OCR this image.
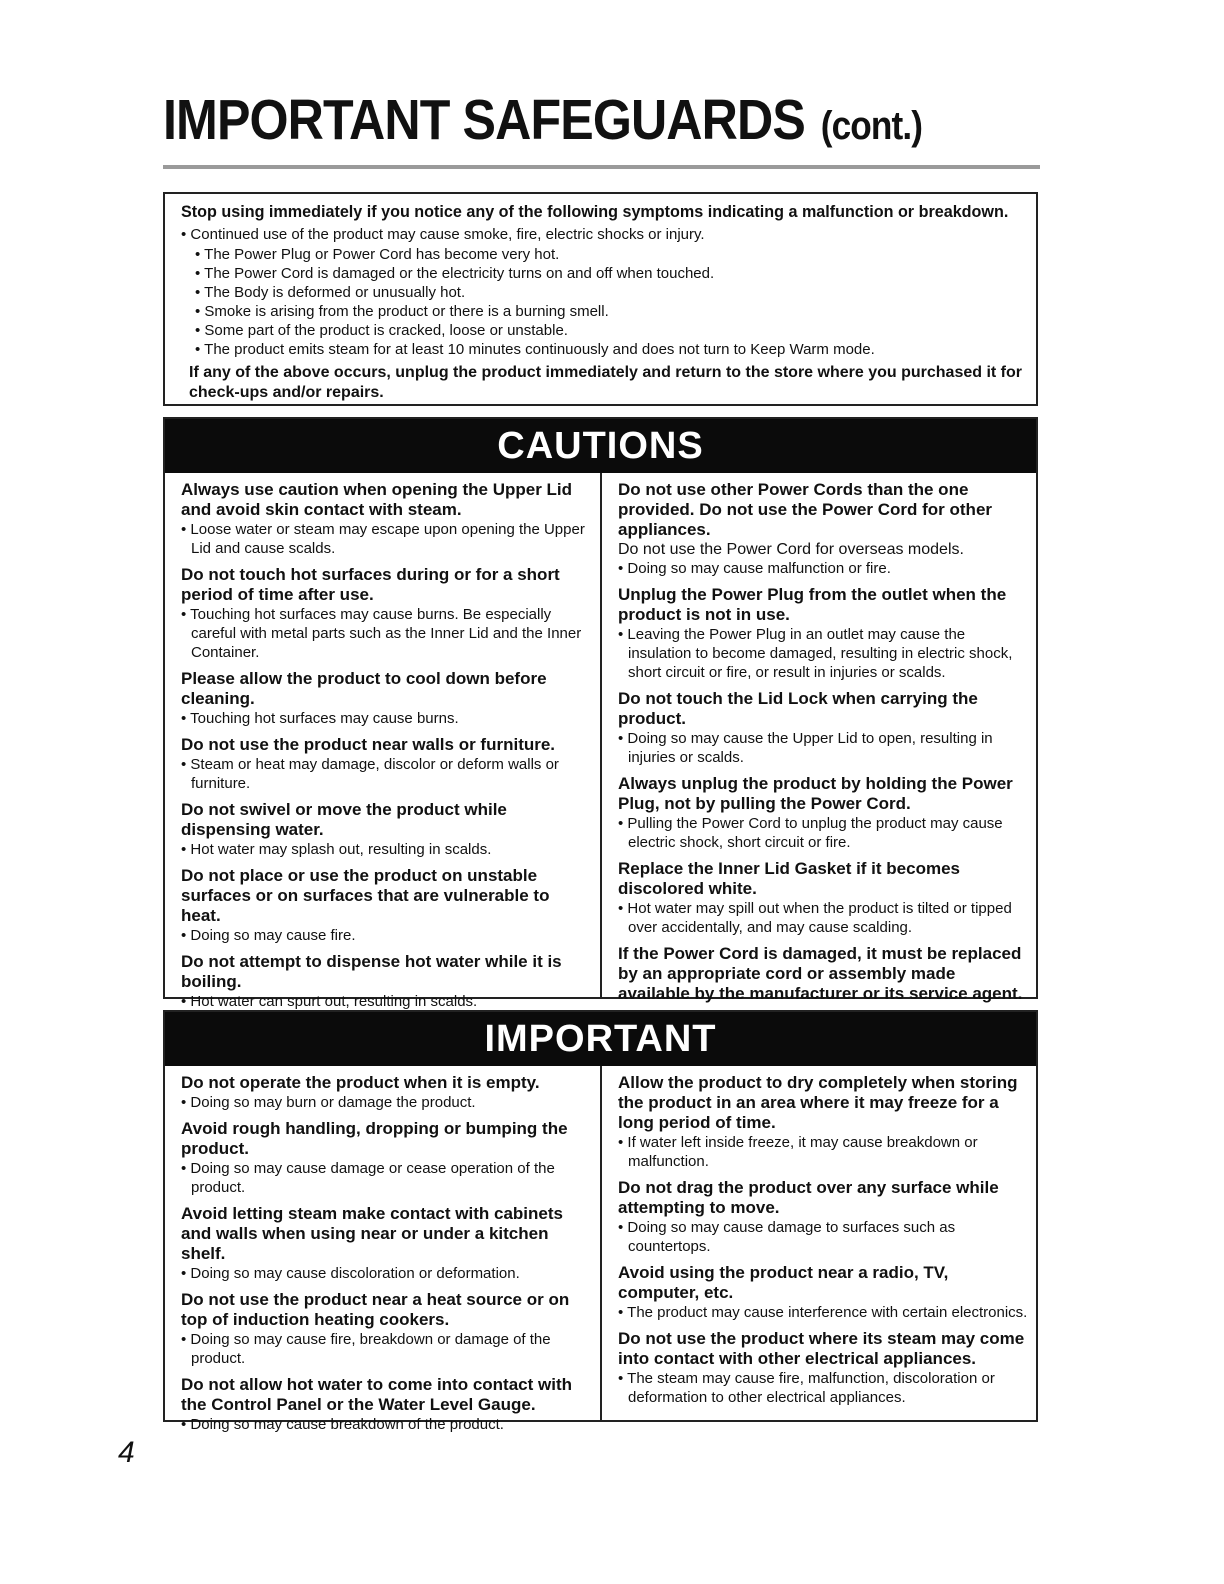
IMPORTANT SAFEGUARDS (cont.)
Stop using immediately if you notice any of the following symptoms indicating a malfunction or breakdown.
• Continued use of the product may cause smoke, fire, electric shocks or injury.
• The Power Plug or Power Cord has become very hot.
• The Power Cord is damaged or the electricity turns on and off when touched.
• The Body is deformed or unusually hot.
• Smoke is arising from the product or there is a burning smell.
• Some part of the product is cracked, loose or unstable.
• The product emits steam for at least 10 minutes continuously and does not turn to Keep Warm mode.
If any of the above occurs, unplug the product immediately and return to the store where you purchased it for check-ups and/or repairs.
CAUTIONS
Always use caution when opening the Upper Lid and avoid skin contact with steam.

• Loose water or steam may escape upon opening the Upper Lid and cause scalds.

Do not touch hot surfaces during or for a short period of time after use.

• Touching hot surfaces may cause burns. Be especially careful with metal parts such as the Inner Lid and the Inner Container.

Please allow the product to cool down before cleaning.

• Touching hot surfaces may cause burns.

Do not use the product near walls or furniture.

• Steam or heat may damage, discolor or deform walls or furniture.

Do not swivel or move the product while dispensing water.

• Hot water may splash out, resulting in scalds.

Do not place or use the product on unstable surfaces or on surfaces that are vulnerable to heat.

• Doing so may cause fire.

Do not attempt to dispense hot water while it is boiling.

• Hot water can spurt out, resulting in scalds.

Do not use other Power Cords than the one provided. Do not use the Power Cord for other appliances.

Do not use the Power Cord for overseas models.

• Doing so may cause malfunction or fire.

Unplug the Power Plug from the outlet when the product is not in use.

• Leaving the Power Plug in an outlet may cause the insulation to become damaged, resulting in electric shock, short circuit or fire, or result in injuries or scalds.

Do not touch the Lid Lock when carrying the product.

• Doing so may cause the Upper Lid to open, resulting in injuries or scalds.

Always unplug the product by holding the Power Plug, not by pulling the Power Cord.

• Pulling the Power Cord to unplug the product may cause electric shock, short circuit or fire.

Replace the Inner Lid Gasket if it becomes discolored white.

• Hot water may spill out when the product is tilted or tipped over accidentally, and may cause scalding.

If the Power Cord is damaged, it must be replaced by an appropriate cord or assembly made available by the manufacturer or its service agent.
IMPORTANT
Do not operate the product when it is empty.

• Doing so may burn or damage the product.

Avoid rough handling, dropping or bumping the product.

• Doing so may cause damage or cease operation of the product.

Avoid letting steam make contact with cabinets and walls when using near or under a kitchen shelf.

• Doing so may cause discoloration or deformation.

Do not use the product near a heat source or on top of induction heating cookers.

• Doing so may cause fire, breakdown or damage of the product.

Do not allow hot water to come into contact with the Control Panel or the Water Level Gauge.

• Doing so may cause breakdown of the product.

Allow the product to dry completely when storing the product in an area where it may freeze for a long period of time.

• If water left inside freeze, it may cause breakdown or malfunction.

Do not drag the product over any surface while attempting to move.

• Doing so may cause damage to surfaces such as countertops.

Avoid using the product near a radio, TV, computer, etc.

• The product may cause interference with certain electronics.

Do not use the product where its steam may come into contact with other electrical appliances.

• The steam may cause fire, malfunction, discoloration or deformation to other electrical appliances.

4
